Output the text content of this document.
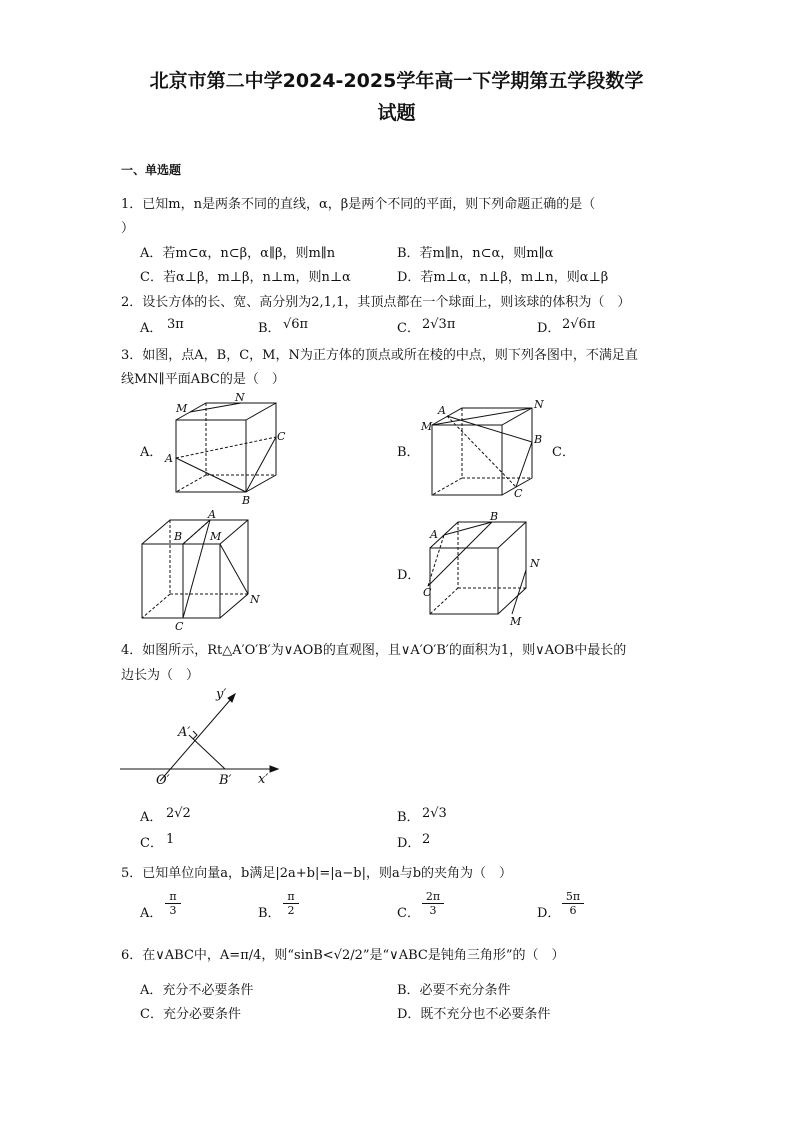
北京市第二中学2024-2025学年高一下学期第五学段数学
试题
一、单选题
1．已知m，n是两条不同的直线，α，β是两个不同的平面，则下列命题正确的是（
）
A．若m⊂α，n⊂β，α∥β，则m∥n	B．若m∥n，n⊂α，则m∥α
C．若α⊥β，m⊥β，n⊥m，则n⊥α	D．若m⊥α，n⊥β，m⊥n，则α⊥β
2．设长方体的长、宽、高分别为2,1,1，其顶点都在一个球面上，则该球的体积为（　）
A． 3π	B． √6π	C． 2√3π	D． 2√6π
3．如图，点A，B，C，M，N为正方体的顶点或所在棱的中点，则下列各图中，不满足直
线MN∥平面ABC的是（　）
A．	B．	C．
D．
M
N
C
A
B
A	N
M
B
C
A
B	M
N
C
A
B
C
N
M
4．如图所示，Rt△A′O′B′为∨AOB的直观图，且∨A′O′B′的面积为1，则∨AOB中最长的
边长为（　）
y′
x′
O′
A′
B′
A． 2√2	B． 2√3
C． 1	D． 2
5．已知单位向量a，b满足|2a+b|=|a−b|，则a与b的夹角为（　）
A． $\frac{\pi}{3}$	B． $\frac{\pi}{2}$	C． $\frac{2\pi}{3}$	D． $\frac{5\pi}{6}$
6．在∨ABC中，A=π/4，则“sinB<√2/2”是“∨ABC是钝角三角形”的（　）
A．充分不必要条件	B．必要不充分条件
C．充分必要条件	D．既不充分也不必要条件
